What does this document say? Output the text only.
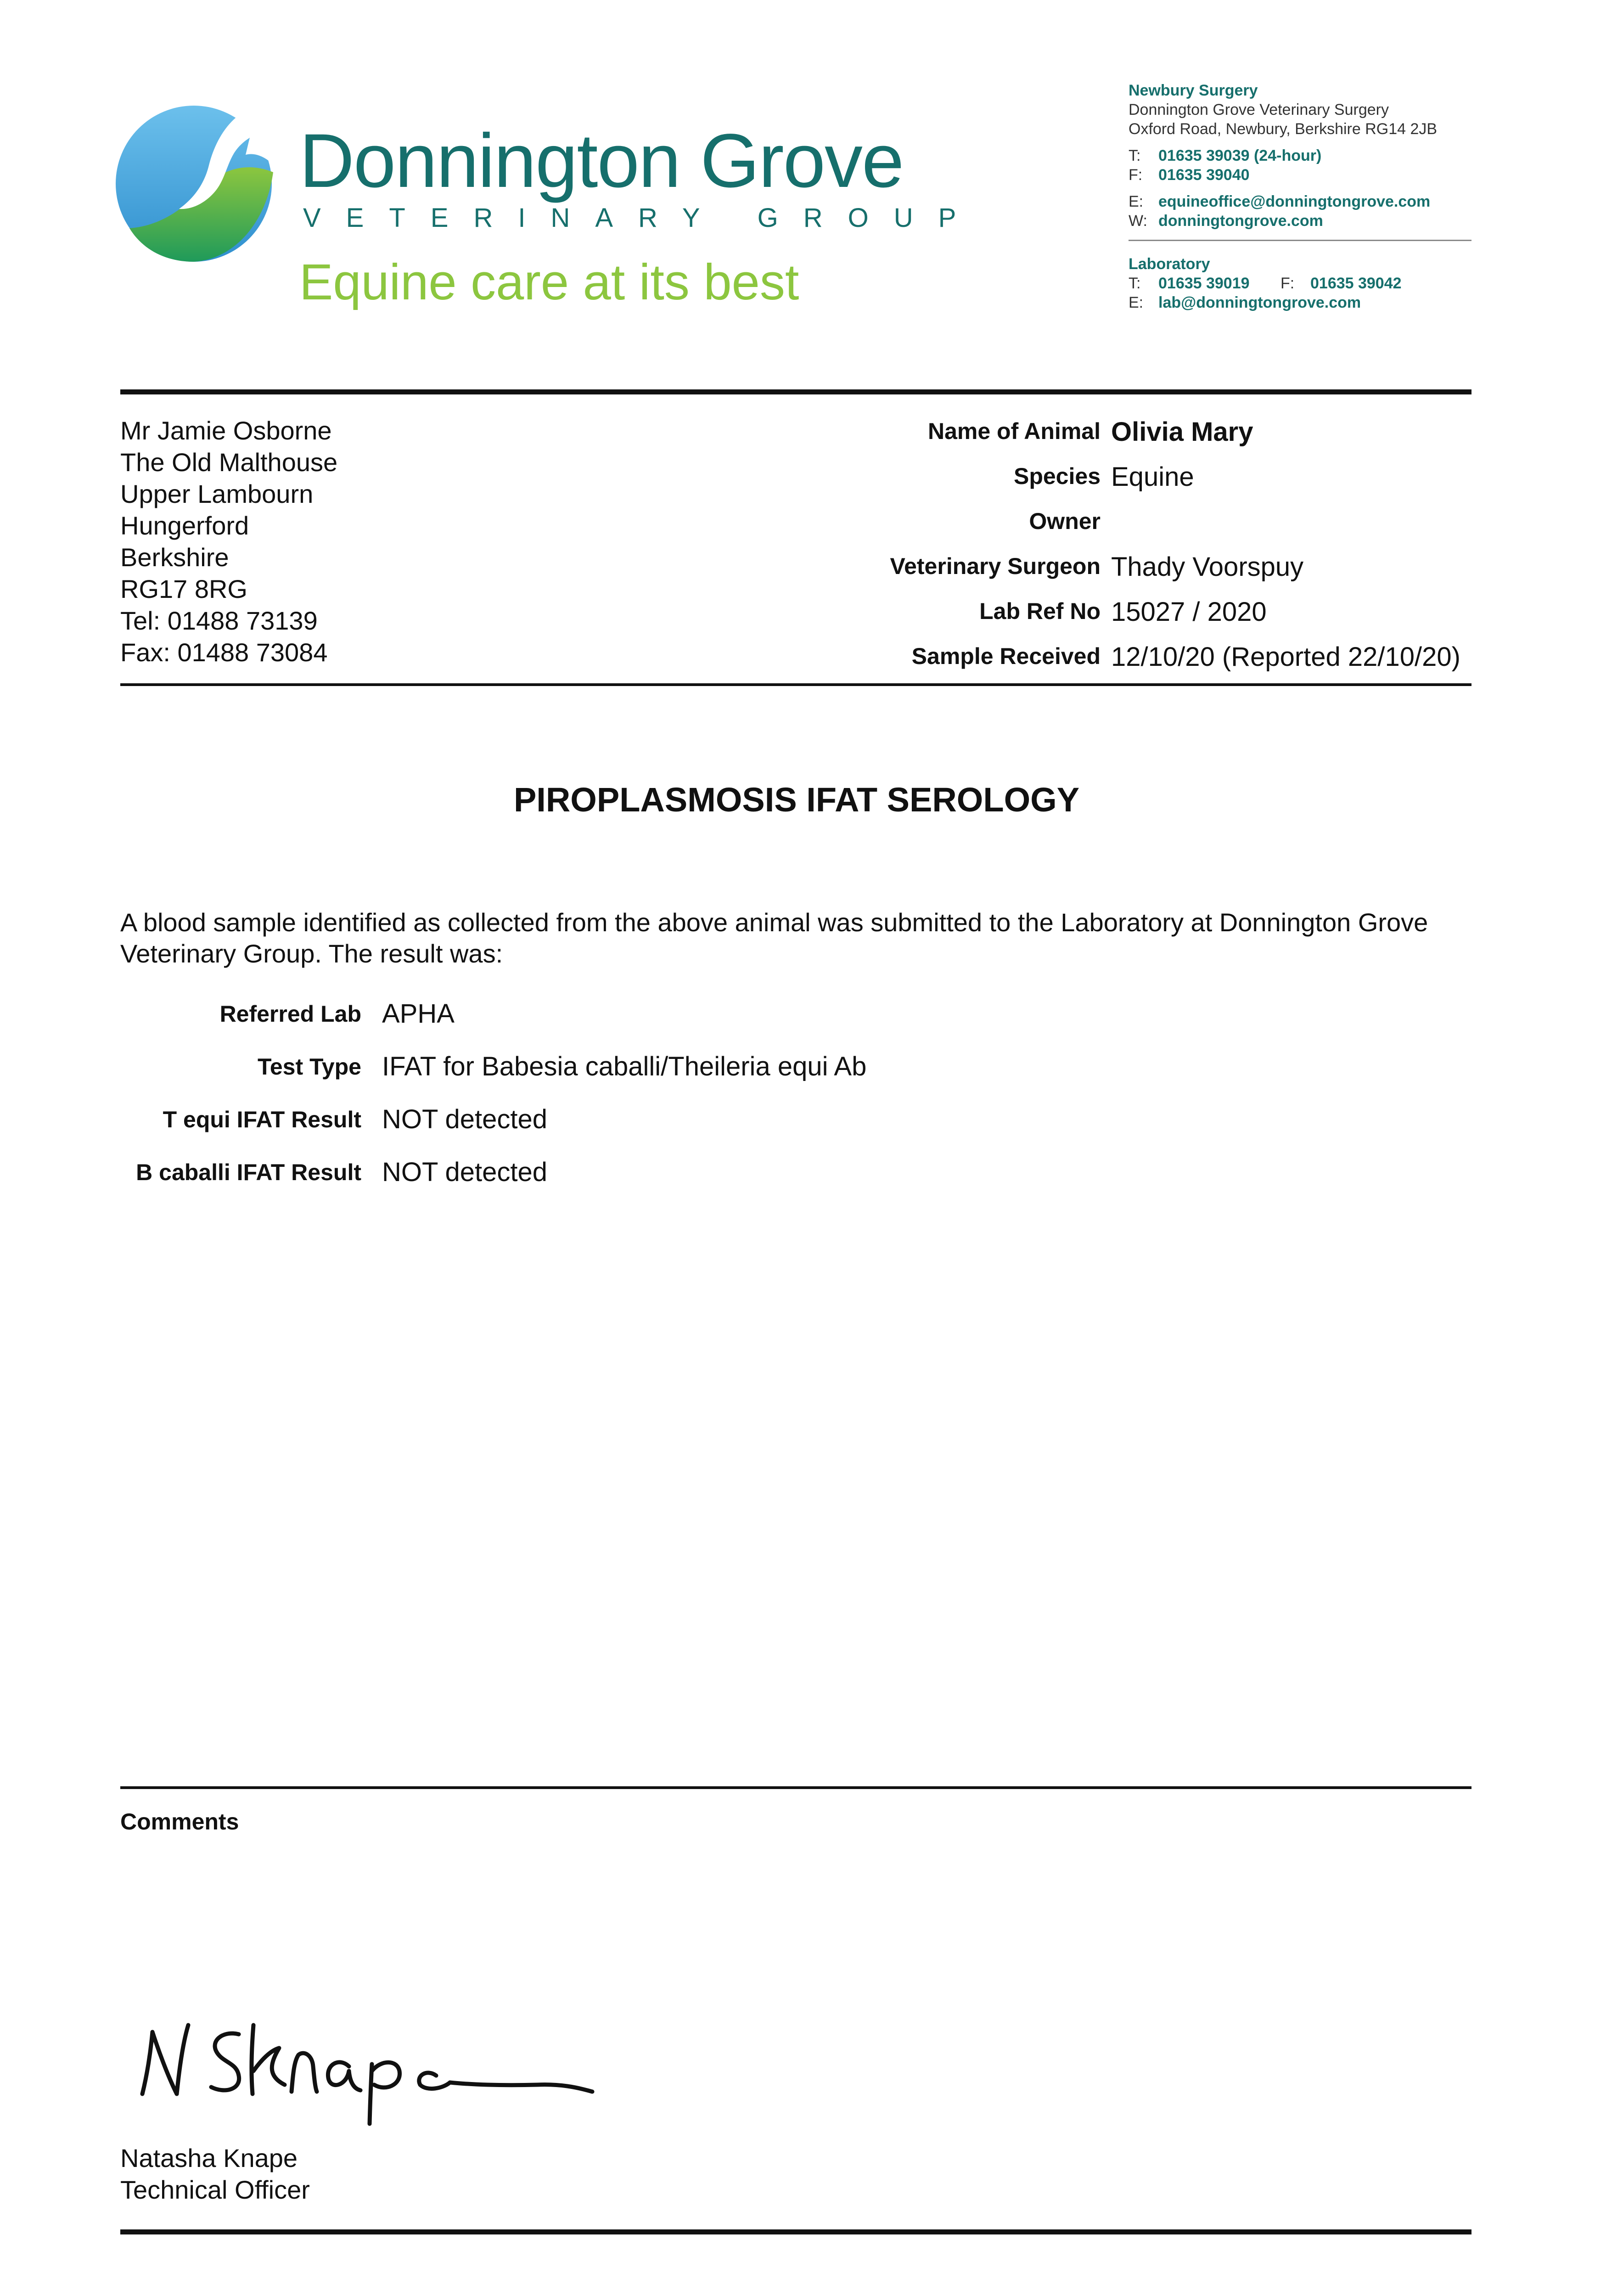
Donnington Grove
VETERINARY GROUP
Equine care at its best
Newbury Surgery
Donnington Grove Veterinary Surgery
Oxford Road, Newbury, Berkshire RG14 2JB
T: 01635 39039 (24-hour)
F: 01635 39040
E: equineoffice@donningtongrove.com
W: donningtongrove.com
Laboratory
T: 01635 39019 F: 01635 39042
E: lab@donningtongrove.com
Mr Jamie Osborne
The Old Malthouse
Upper Lambourn
Hungerford
Berkshire
RG17 8RG
Tel: 01488 73139
Fax: 01488 73084
Name of Animal Olivia Mary
Species Equine
Owner
Veterinary Surgeon Thady Voorspuy
Lab Ref No 15027 / 2020
Sample Received 12/10/20 (Reported 22/10/20)
PIROPLASMOSIS IFAT SEROLOGY
A blood sample identified as collected from the above animal was submitted to the Laboratory at Donnington Grove Veterinary Group. The result was:
Referred Lab APHA
Test Type IFAT for Babesia caballi/Theileria equi Ab
T equi IFAT Result NOT detected
B caballi IFAT Result NOT detected
Comments
Natasha Knape
Technical Officer
